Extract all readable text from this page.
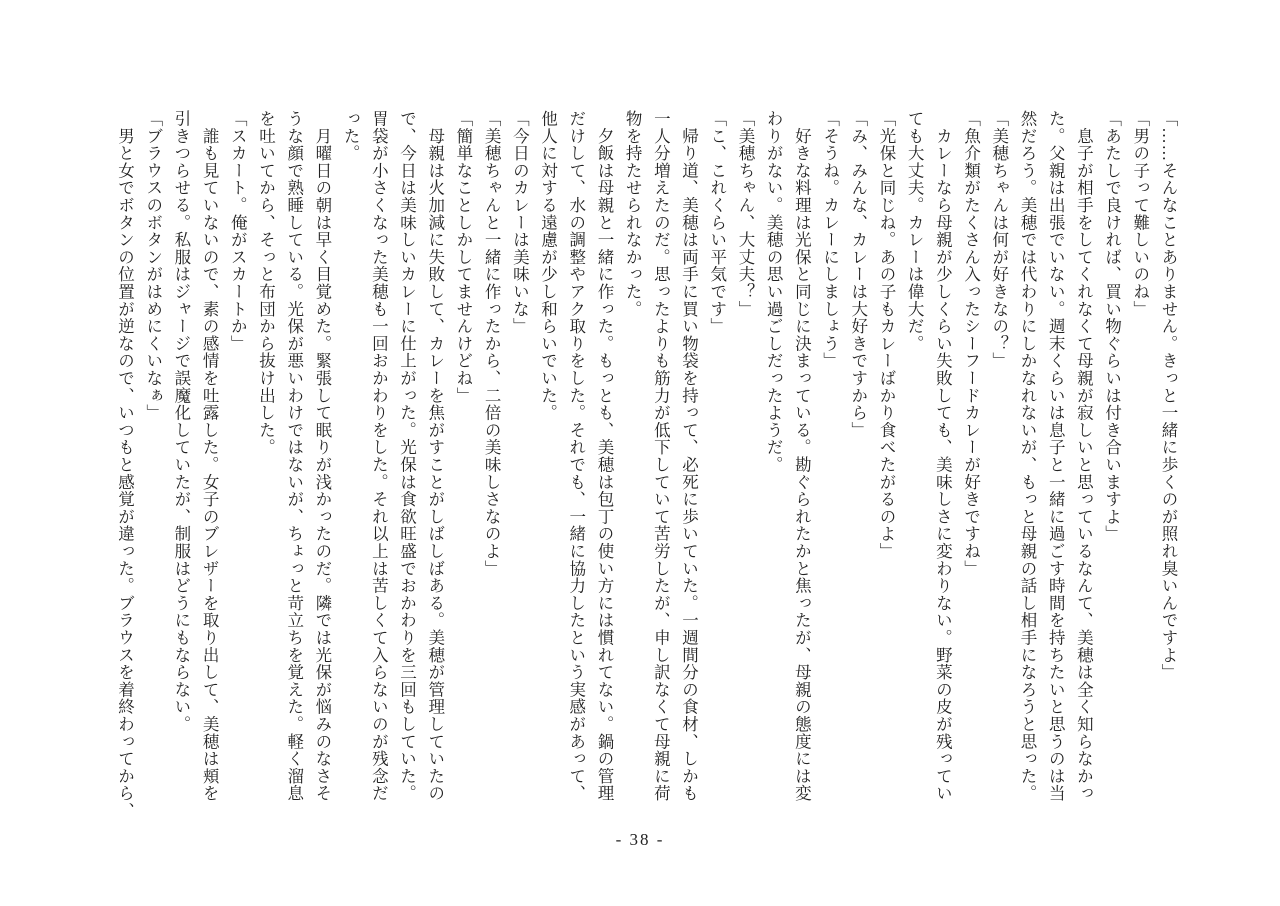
「……そんなことありません。きっと一緒に歩くのが照れ臭いんですよ」
「男の子って難しいのね」
「あたしで良ければ、買い物ぐらいは付き合いますよ」
　息子が相手をしてくれなくて母親が寂しいと思っているなんて、美穂は全く知らなかっ
た。父親は出張でいない。週末くらいは息子と一緒に過ごす時間を持ちたいと思うのは当
然だろう。美穂では代わりにしかなれないが、もっと母親の話し相手になろうと思った。
「美穂ちゃんは何が好きなの？」
「魚介類がたくさん入ったシーフードカレーが好きですね」
　カレーなら母親が少しくらい失敗しても、美味しさに変わりない。野菜の皮が残ってい
ても大丈夫。カレーは偉大だ。
「光保と同じね。あの子もカレーばかり食べたがるのよ」
「み、みんな、カレーは大好きですから」
「そうね。カレーにしましょう」
　好きな料理は光保と同じに決まっている。勘ぐられたかと焦ったが、母親の態度には変
わりがない。美穂の思い過ごしだったようだ。
「美穂ちゃん、大丈夫？」
「こ、これくらい平気です」
　帰り道、美穂は両手に買い物袋を持って、必死に歩いていた。一週間分の食材、しかも
一人分増えたのだ。思ったよりも筋力が低下していて苦労したが、申し訳なくて母親に荷
物を持たせられなかった。
　夕飯は母親と一緒に作った。もっとも、美穂は包丁の使い方には慣れてない。鍋の管理
だけして、水の調整やアク取りをした。それでも、一緒に協力したという実感があって、
他人に対する遠慮が少し和らいでいた。
「今日のカレーは美味いな」
「美穂ちゃんと一緒に作ったから、二倍の美味しさなのよ」
「簡単なことしかしてませんけどね」
　母親は火加減に失敗して、カレーを焦がすことがしばしばある。美穂が管理していたの
で、今日は美味しいカレーに仕上がった。光保は食欲旺盛でおかわりを三回もしていた。
胃袋が小さくなった美穂も一回おかわりをした。それ以上は苦しくて入らないのが残念だ
った。
　月曜日の朝は早く目覚めた。緊張して眠りが浅かったのだ。隣では光保が悩みのなさそ
うな顔で熟睡している。光保が悪いわけではないが、ちょっと苛立ちを覚えた。軽く溜息
を吐いてから、そっと布団から抜け出した。
「スカート。俺がスカートか」
　誰も見ていないので、素の感情を吐露した。女子のブレザーを取り出して、美穂は頬を
引きつらせる。私服はジャージで誤魔化していたが、制服はどうにもならない。
「ブラウスのボタンがはめにくいなぁ」
　男と女でボタンの位置が逆なので、いつもと感覚が違った。ブラウスを着終わってから、
- 38 -
